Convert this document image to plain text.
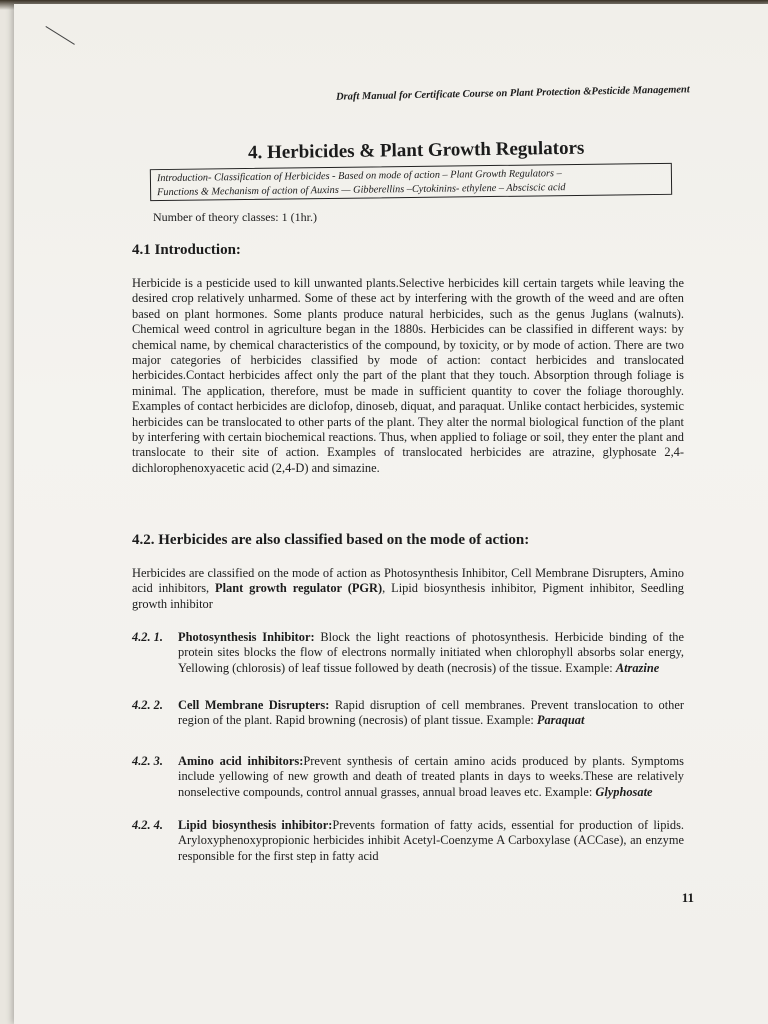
Draft Manual for Certificate Course on Plant Protection &Pesticide Management
4. Herbicides & Plant Growth Regulators
Introduction- Classification of Herbicides - Based on mode of action – Plant Growth Regulators –
Functions & Mechanism of action of Auxins — Gibberellins –Cytokinins- ethylene – Absciscic acid
Number of theory classes: 1 (1hr.)
4.1 Introduction:
Herbicide is a pesticide used to kill unwanted plants.Selective herbicides kill certain targets while leaving the desired crop relatively unharmed. Some of these act by interfering with the growth of the weed and are often based on plant hormones. Some plants produce natural herbicides, such as the genus Juglans (walnuts). Chemical weed control in agriculture began in the 1880s. Herbicides can be classified in different ways: by chemical name, by chemical characteristics of the compound, by toxicity, or by mode of action. There are two major categories of herbicides classified by mode of action: contact herbicides and translocated herbicides.Contact herbicides affect only the part of the plant that they touch. Absorption through foliage is minimal. The application, therefore, must be made in sufficient quantity to cover the foliage thoroughly. Examples of contact herbicides are diclofop, dinoseb, diquat, and paraquat. Unlike contact herbicides, systemic herbicides can be translocated to other parts of the plant. They alter the normal biological function of the plant by interfering with certain biochemical reactions. Thus, when applied to foliage or soil, they enter the plant and translocate to their site of action. Examples of translocated herbicides are atrazine, glyphosate 2,4-dichlorophenoxyacetic acid (2,4-D) and simazine.
4.2. Herbicides are also classified based on the mode of action:
Herbicides are classified on the mode of action as Photosynthesis Inhibitor, Cell Membrane Disrupters, Amino acid inhibitors, Plant growth regulator (PGR), Lipid biosynthesis inhibitor, Pigment inhibitor, Seedling growth inhibitor
4.2. 1. Photosynthesis Inhibitor: Block the light reactions of photosynthesis. Herbicide binding of the protein sites blocks the flow of electrons normally initiated when chlorophyll absorbs solar energy, Yellowing (chlorosis) of leaf tissue followed by death (necrosis) of the tissue. Example: Atrazine
4.2. 2. Cell Membrane Disrupters: Rapid disruption of cell membranes. Prevent translocation to other region of the plant. Rapid browning (necrosis) of plant tissue. Example: Paraquat
4.2. 3. Amino acid inhibitors:Prevent synthesis of certain amino acids produced by plants. Symptoms include yellowing of new growth and death of treated plants in days to weeks.These are relatively nonselective compounds, control annual grasses, annual broad leaves etc. Example: Glyphosate
4.2. 4. Lipid biosynthesis inhibitor:Prevents formation of fatty acids, essential for production of lipids. Aryloxyphenoxypropionic herbicides inhibit Acetyl-Coenzyme A Carboxylase (ACCase), an enzyme responsible for the first step in fatty acid
11
